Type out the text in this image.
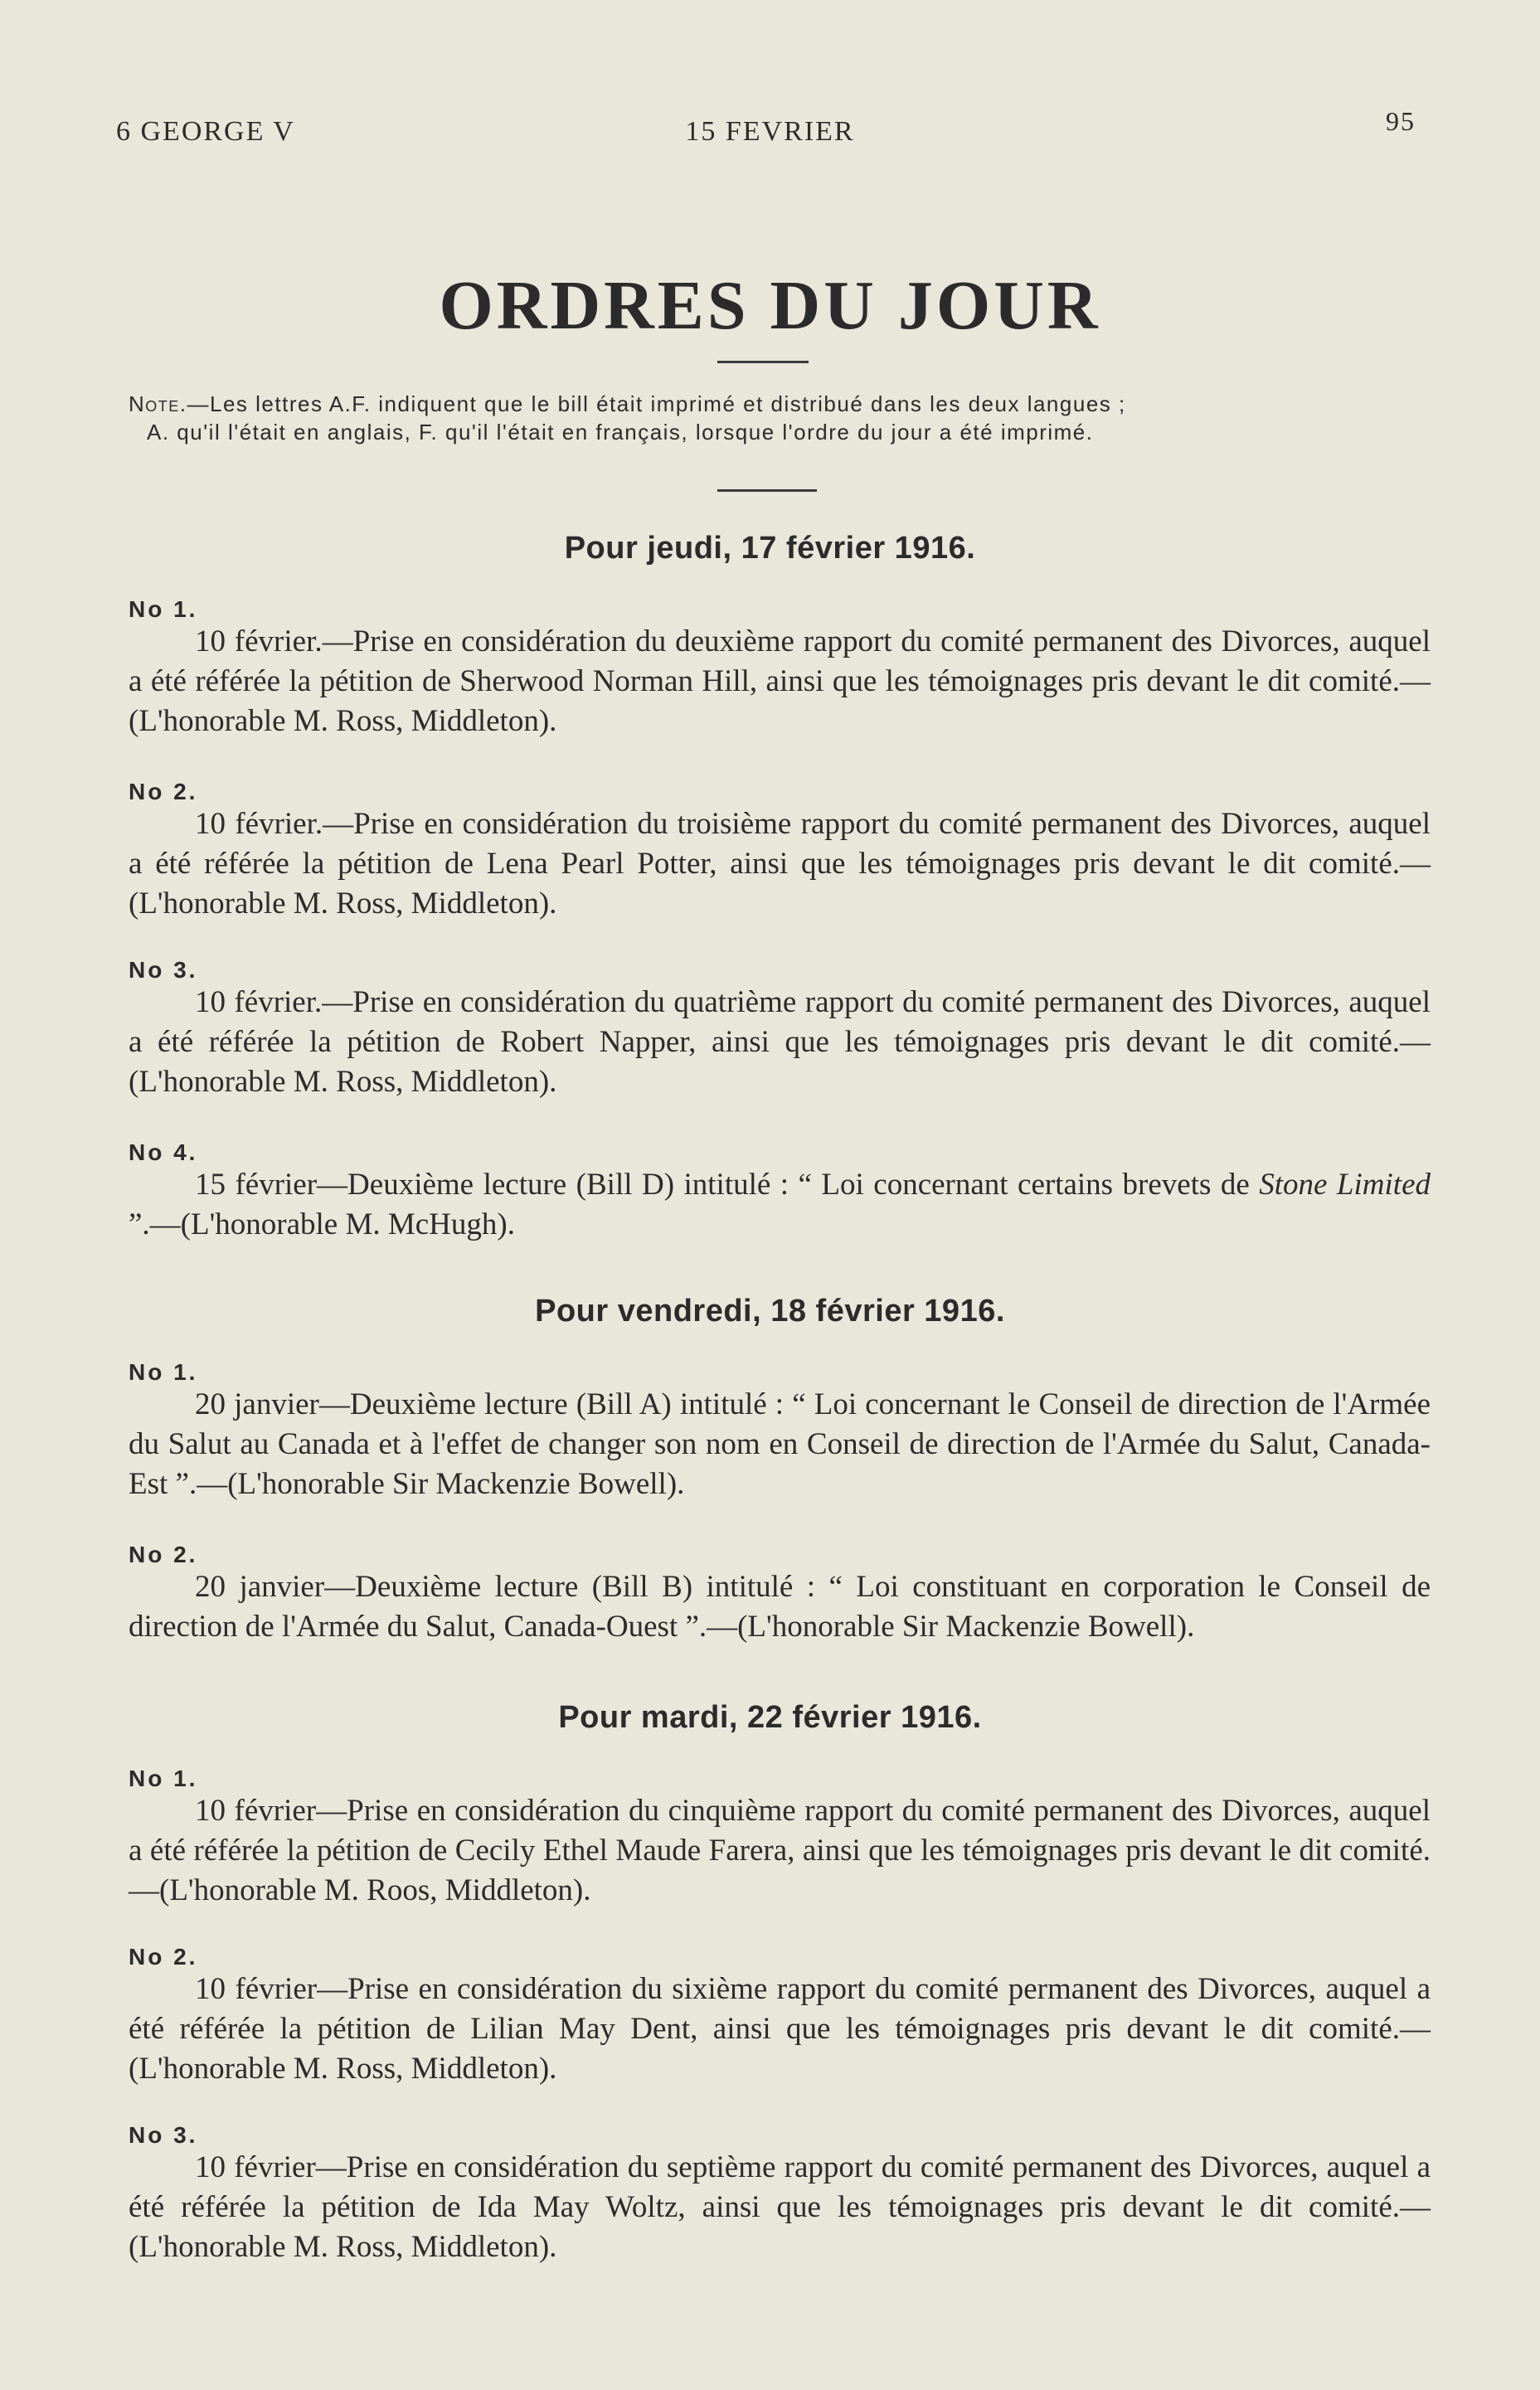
6 GEORGE V	15 FEVRIER	95
ORDRES DU JOUR
Note.—Les lettres A.F. indiquent que le bill était imprimé et distribué dans les deux langues ;
A. qu'il l'était en anglais, F. qu'il l'était en français, lorsque l'ordre du jour a été imprimé.
Pour jeudi, 17 février 1916.
No 1.
10 février.—Prise en considération du deuxième rapport du comité permanent des Divorces, auquel a été référée la pétition de Sherwood Norman Hill, ainsi que les témoignages pris devant le dit comité.—(L'honorable M. Ross, Middleton).
No 2.
10 février.—Prise en considération du troisième rapport du comité permanent des Divorces, auquel a été référée la pétition de Lena Pearl Potter, ainsi que les témoignages pris devant le dit comité.—(L'honorable M. Ross, Middleton).
No 3.
10 février.—Prise en considération du quatrième rapport du comité permanent des Divorces, auquel a été référée la pétition de Robert Napper, ainsi que les témoignages pris devant le dit comité.—(L'honorable M. Ross, Middleton).
No 4.
15 février—Deuxième lecture (Bill D) intitulé : “ Loi concernant certains brevets de Stone Limited ”.—(L'honorable M. McHugh).
Pour vendredi, 18 février 1916.
No 1.
20 janvier—Deuxième lecture (Bill A) intitulé : “ Loi concernant le Conseil de direction de l'Armée du Salut au Canada et à l'effet de changer son nom en Conseil de direction de l'Armée du Salut, Canada-Est ”.—(L'honorable Sir Mackenzie Bowell).
No 2.
20 janvier—Deuxième lecture (Bill B) intitulé : “ Loi constituant en corporation le Conseil de direction de l'Armée du Salut, Canada-Ouest ”.—(L'honorable Sir Mackenzie Bowell).
Pour mardi, 22 février 1916.
No 1.
10 février—Prise en considération du cinquième rapport du comité permanent des Divorces, auquel a été référée la pétition de Cecily Ethel Maude Farera, ainsi que les témoignages pris devant le dit comité.—(L'honorable M. Roos, Middleton).
No 2.
10 février—Prise en considération du sixième rapport du comité permanent des Divorces, auquel a été référée la pétition de Lilian May Dent, ainsi que les témoignages pris devant le dit comité.—(L'honorable M. Ross, Middleton).
No 3.
10 février—Prise en considération du septième rapport du comité permanent des Divorces, auquel a été référée la pétition de Ida May Woltz, ainsi que les témoignages pris devant le dit comité.—(L'honorable M. Ross, Middleton).
